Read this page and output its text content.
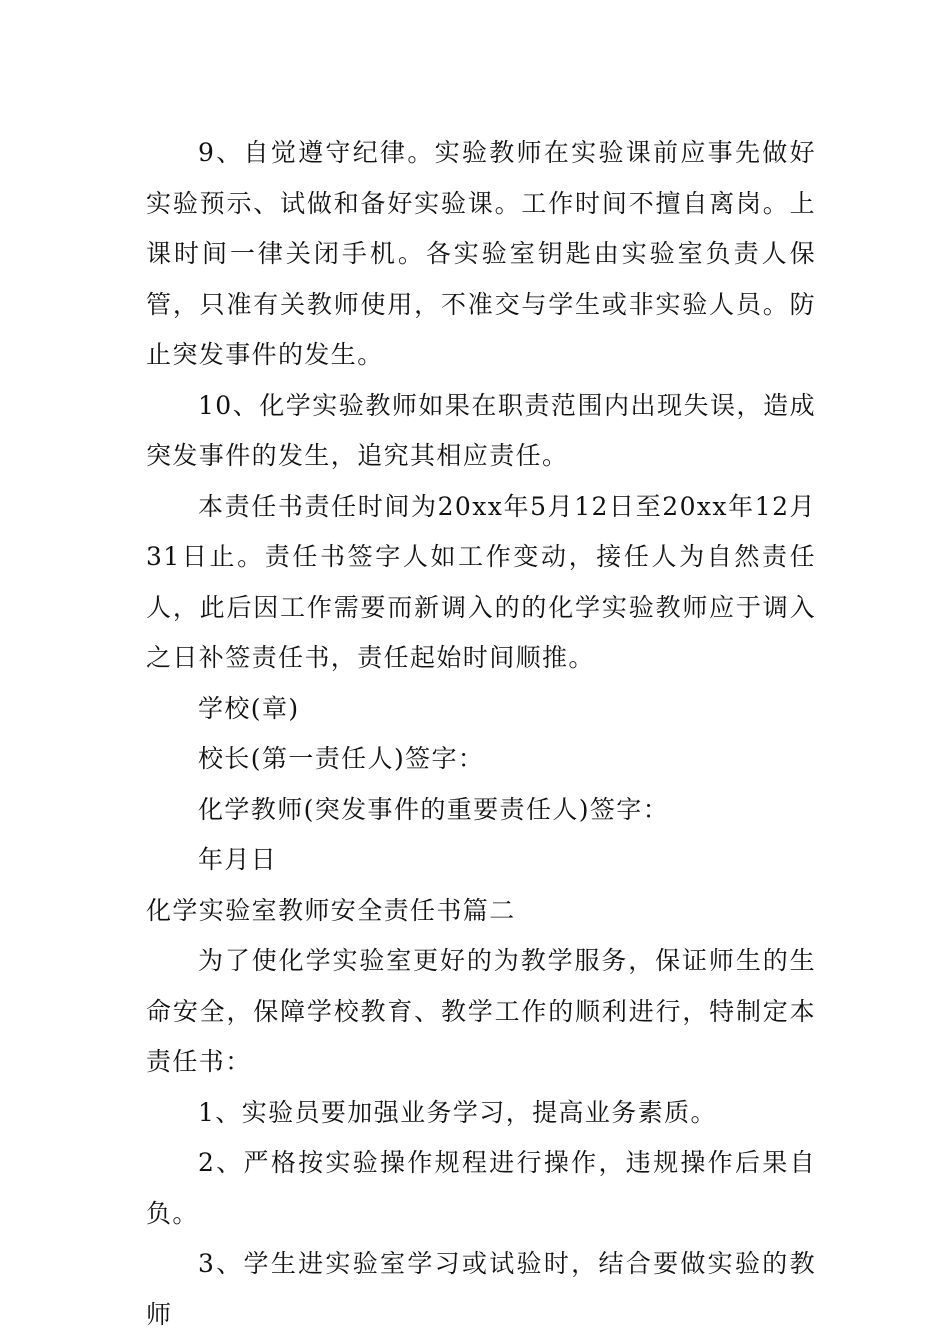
9、自觉遵守纪律。实验教师在实验课前应事先做好实验预示、试做和备好实验课。工作时间不擅自离岗。上课时间一律关闭手机。各实验室钥匙由实验室负责人保管，只准有关教师使用，不准交与学生或非实验人员。防止突发事件的发生。

10、化学实验教师如果在职责范围内出现失误，造成突发事件的发生，追究其相应责任。

本责任书责任时间为20xx年5月12日至20xx年12月31日止。责任书签字人如工作变动，接任人为自然责任人，此后因工作需要而新调入的的化学实验教师应于调入之日补签责任书，责任起始时间顺推。

学校(章)

校长(第一责任人)签字：

化学教师(突发事件的重要责任人)签字：

年月日

化学实验室教师安全责任书篇二

为了使化学实验室更好的为教学服务，保证师生的生命安全，保障学校教育、教学工作的顺利进行，特制定本责任书：

1、实验员要加强业务学习，提高业务素质。

2、严格按实验操作规程进行操作，违规操作后果自负。

3、学生进实验室学习或试验时，结合要做实验的教师
